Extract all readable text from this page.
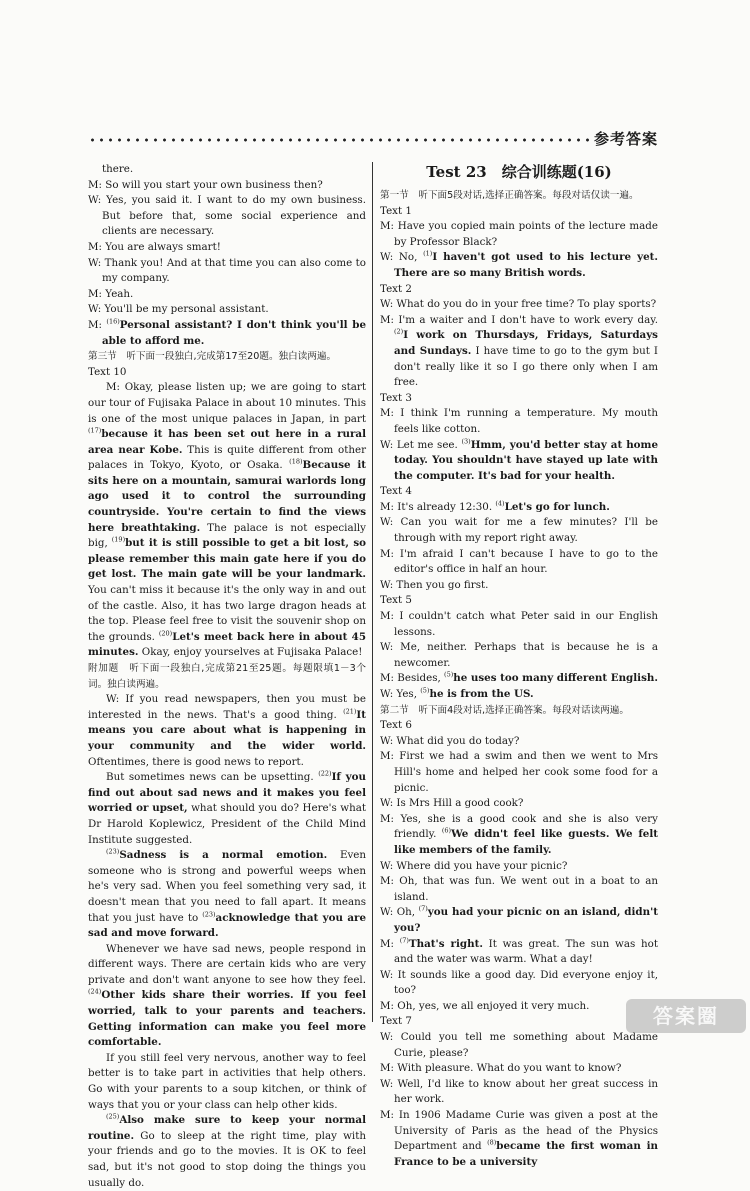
参考答案

there.

M: So will you start your own business then?

W: Yes, you said it. I want to do my own business. But before that, some social experience and clients are necessary.

M: You are always smart!

W: Thank you! And at that time you can also come to my company.

M: Yeah.

W: You'll be my personal assistant.

M: $^{(16)}$Personal assistant? I don't think you'll be able to afford me.

第三节　听下面一段独白,完成第17至20题。独白读两遍。

Text 10

M: Okay, please listen up; we are going to start our tour of Fujisaka Palace in about 10 minutes. This is one of the most unique palaces in Japan, in part $^{(17)}$because it has been set out here in a rural area near Kobe. This is quite different from other palaces in Tokyo, Kyoto, or Osaka. $^{(18)}$Because it sits here on a mountain, samurai warlords long ago used it to control the surrounding countryside. You're certain to find the views here breathtaking. The palace is not especially big, $^{(19)}$but it is still possible to get a bit lost, so please remember this main gate here if you do get lost. The main gate will be your landmark. You can't miss it because it's the only way in and out of the castle. Also, it has two large dragon heads at the top. Please feel free to visit the souvenir shop on the grounds. $^{(20)}$Let's meet back here in about 45 minutes. Okay, enjoy yourselves at Fujisaka Palace!

附加题　听下面一段独白,完成第21至25题。每题限填1－3个词。独白读两遍。

W: If you read newspapers, then you must be interested in the news. That's a good thing. $^{(21)}$It means you care about what is happening in your community and the wider world. Oftentimes, there is good news to report.

But sometimes news can be upsetting. $^{(22)}$If you find out about sad news and it makes you feel worried or upset, what should you do? Here's what Dr Harold Koplewicz, President of the Child Mind Institute suggested.

$^{(23)}$Sadness is a normal emotion. Even someone who is strong and powerful weeps when he's very sad. When you feel something very sad, it doesn't mean that you need to fall apart. It means that you just have to $^{(23)}$acknowledge that you are sad and move forward.

Whenever we have sad news, people respond in different ways. There are certain kids who are very private and don't want anyone to see how they feel. $^{(24)}$Other kids share their worries. If you feel worried, talk to your parents and teachers. Getting information can make you feel more comfortable.

If you still feel very nervous, another way to feel better is to take part in activities that help others. Go with your parents to a soup kitchen, or think of ways that you or your class can help other kids.

$^{(25)}$Also make sure to keep your normal routine. Go to sleep at the right time, play with your friends and go to the movies. It is OK to feel sad, but it's not good to stop doing the things you usually do.

Test 23　综合训练题(16)

第一节　听下面5段对话,选择正确答案。每段对话仅读一遍。

Text 1

M: Have you copied main points of the lecture made by Professor Black?

W: No, $^{(1)}$I haven't got used to his lecture yet. There are so many British words.

Text 2

W: What do you do in your free time? To play sports?

M: I'm a waiter and I don't have to work every day. $^{(2)}$I work on Thursdays, Fridays, Saturdays and Sundays. I have time to go to the gym but I don't really like it so I go there only when I am free.

Text 3

M: I think I'm running a temperature. My mouth feels like cotton.

W: Let me see. $^{(3)}$Hmm, you'd better stay at home today. You shouldn't have stayed up late with the computer. It's bad for your health.

Text 4

M: It's already 12:30. $^{(4)}$Let's go for lunch.

W: Can you wait for me a few minutes? I'll be through with my report right away.

M: I'm afraid I can't because I have to go to the editor's office in half an hour.

W: Then you go first.

Text 5

M: I couldn't catch what Peter said in our English lessons.

W: Me, neither. Perhaps that is because he is a newcomer.

M: Besides, $^{(5)}$he uses too many different English.

W: Yes, $^{(5)}$he is from the US.

第二节　听下面4段对话,选择正确答案。每段对话读两遍。

Text 6

W: What did you do today?

M: First we had a swim and then we went to Mrs Hill's home and helped her cook some food for a picnic.

W: Is Mrs Hill a good cook?

M: Yes, she is a good cook and she is also very friendly. $^{(6)}$We didn't feel like guests. We felt like members of the family.

W: Where did you have your picnic?

M: Oh, that was fun. We went out in a boat to an island.

W: Oh, $^{(7)}$you had your picnic on an island, didn't you?

M: $^{(7)}$That's right. It was great. The sun was hot and the water was warm. What a day!

W: It sounds like a good day. Did everyone enjoy it, too?

M: Oh, yes, we all enjoyed it very much.

Text 7

W: Could you tell me something about Madame Curie, please?

M: With pleasure. What do you want to know?

W: Well, I'd like to know about her great success in her work.

M: In 1906 Madame Curie was given a post at the University of Paris as the head of the Physics Department and $^{(8)}$became the first woman in France to be a university

答案圈
